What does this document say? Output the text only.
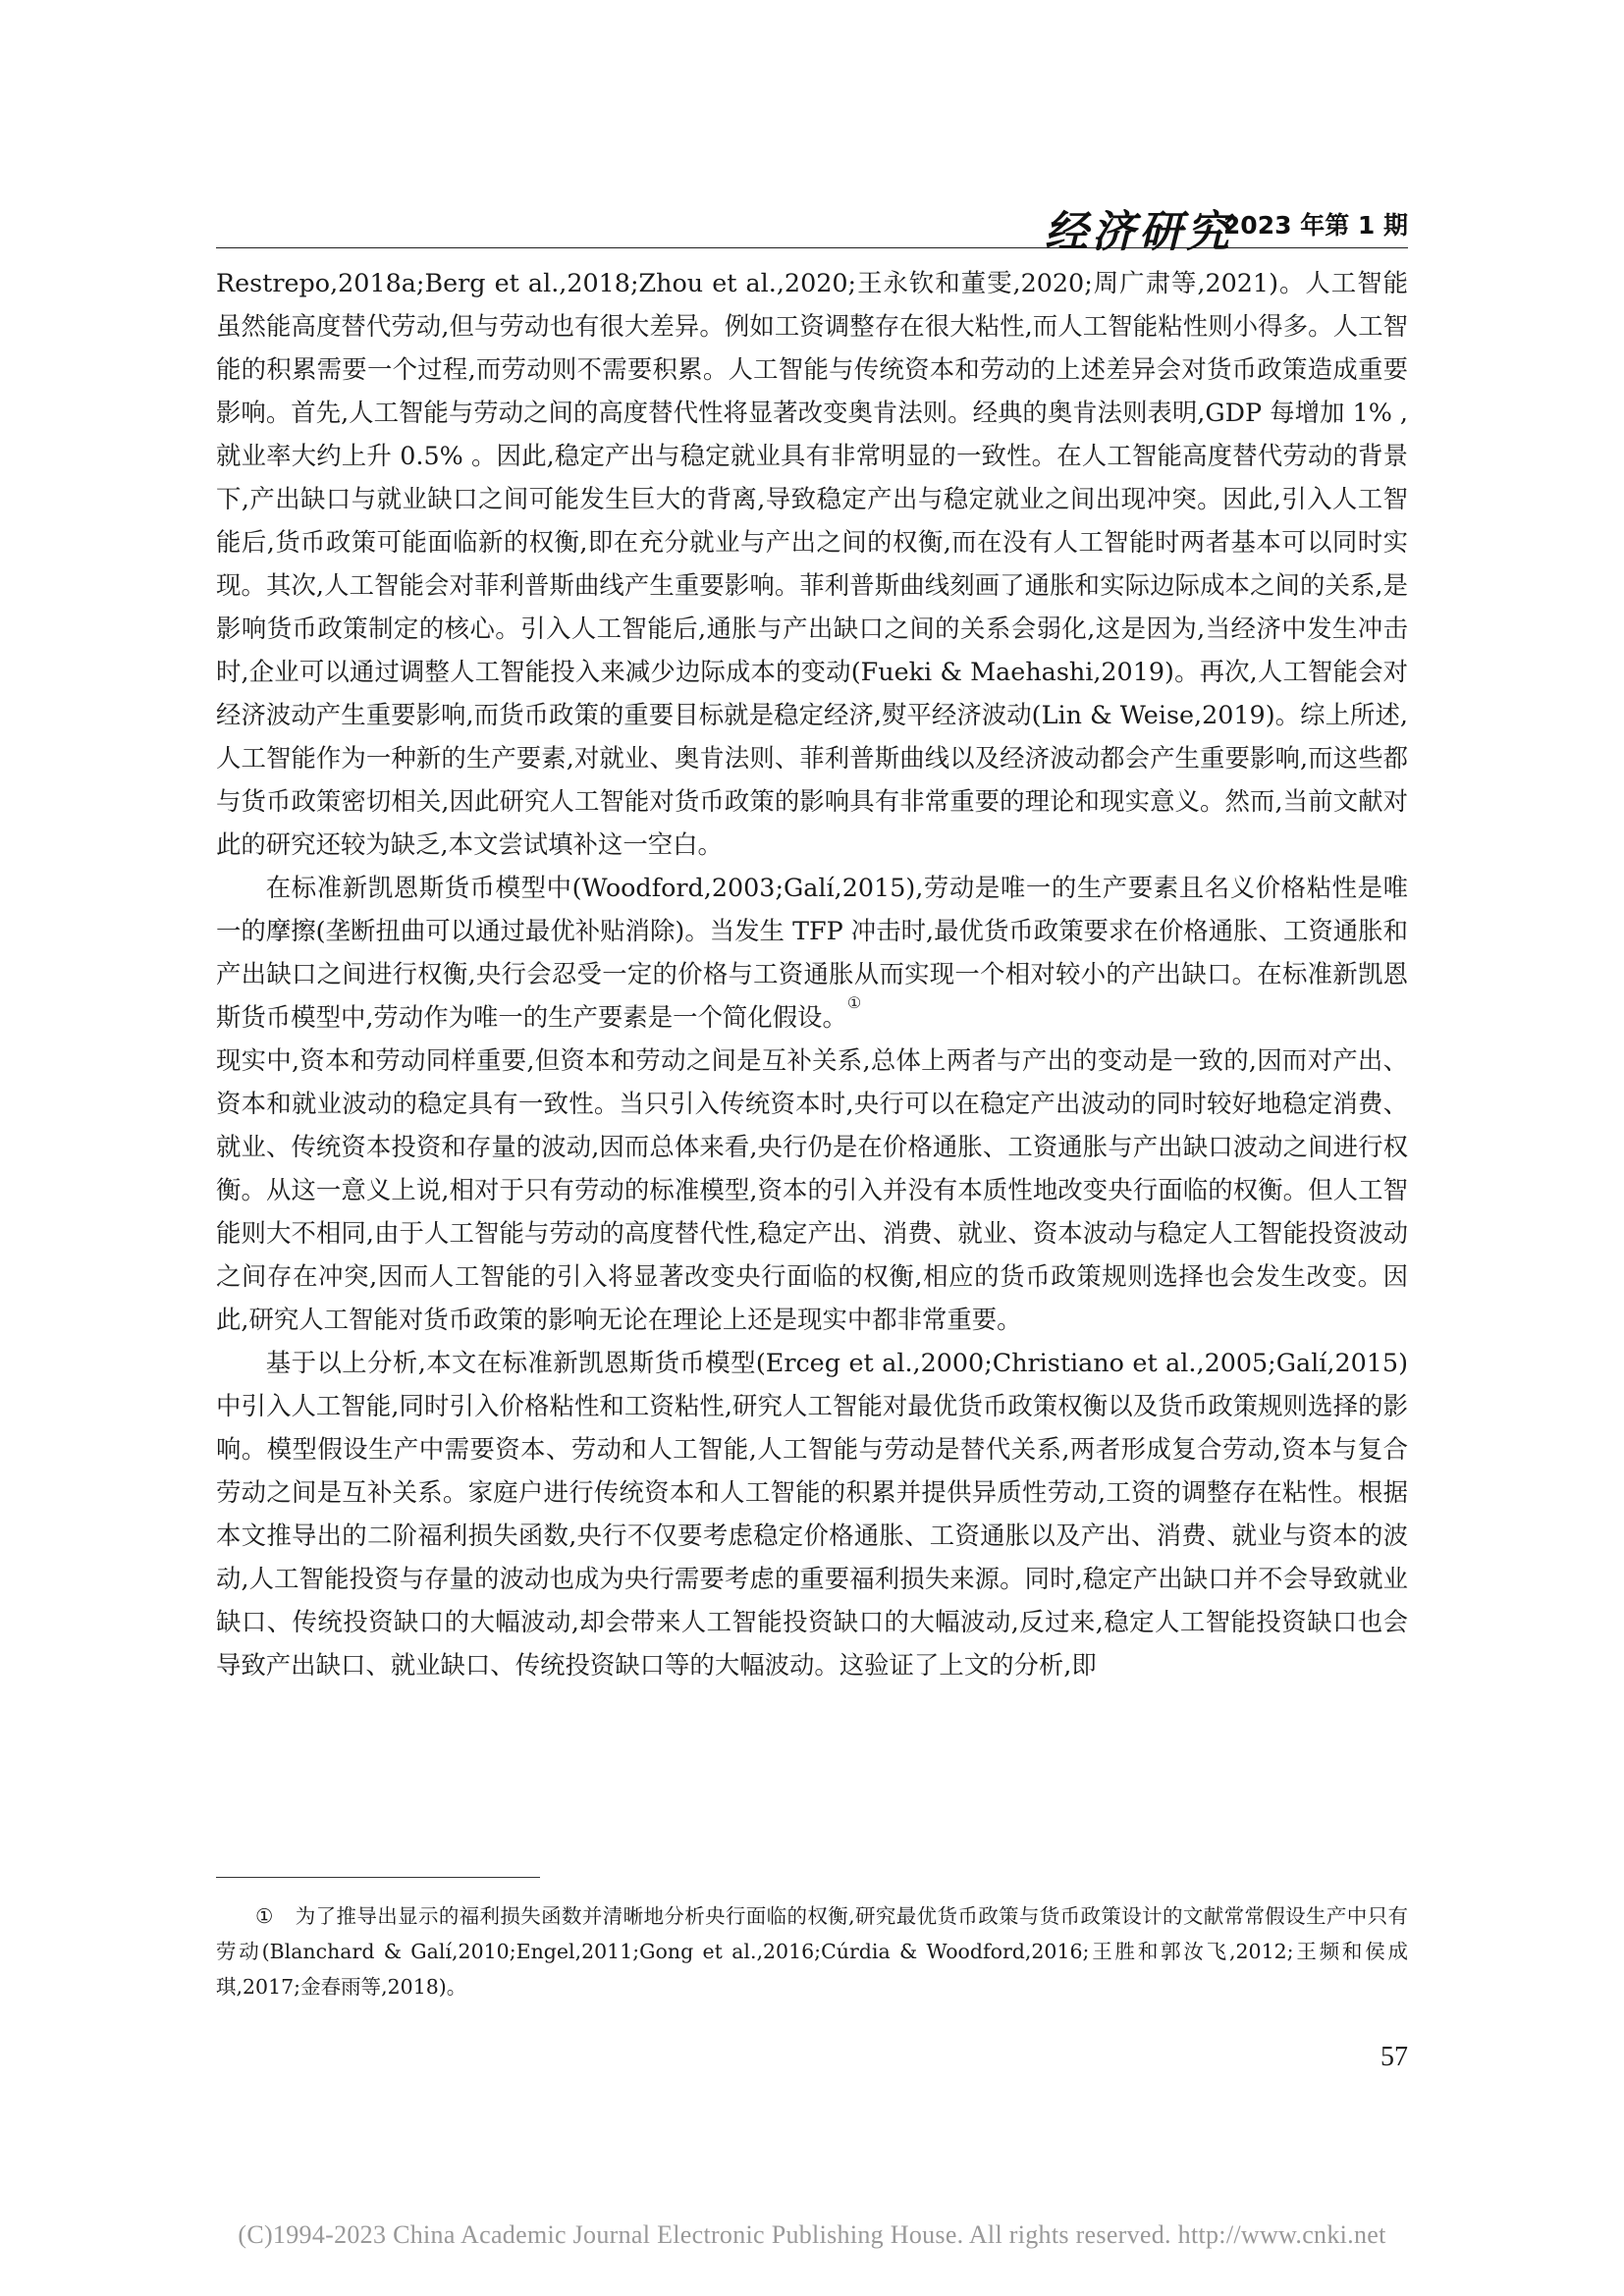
经济研究
2023 年第 1 期

Restrepo,2018a;Berg et al.,2018;Zhou et al.,2020;王永钦和董雯,2020;周广肃等,2021)。人工智能虽然能高度替代劳动,但与劳动也有很大差异。例如工资调整存在很大粘性,而人工智能粘性则小得多。人工智能的积累需要一个过程,而劳动则不需要积累。人工智能与传统资本和劳动的上述差异会对货币政策造成重要影响。首先,人工智能与劳动之间的高度替代性将显著改变奥肯法则。经典的奥肯法则表明,GDP 每增加 1% ,就业率大约上升 0.5% 。因此,稳定产出与稳定就业具有非常明显的一致性。在人工智能高度替代劳动的背景下,产出缺口与就业缺口之间可能发生巨大的背离,导致稳定产出与稳定就业之间出现冲突。因此,引入人工智能后,货币政策可能面临新的权衡,即在充分就业与产出之间的权衡,而在没有人工智能时两者基本可以同时实现。其次,人工智能会对菲利普斯曲线产生重要影响。菲利普斯曲线刻画了通胀和实际边际成本之间的关系,是影响货币政策制定的核心。引入人工智能后,通胀与产出缺口之间的关系会弱化,这是因为,当经济中发生冲击时,企业可以通过调整人工智能投入来减少边际成本的变动(Fueki & Maehashi,2019)。再次,人工智能会对经济波动产生重要影响,而货币政策的重要目标就是稳定经济,熨平经济波动(Lin & Weise,2019)。综上所述,人工智能作为一种新的生产要素,对就业、奥肯法则、菲利普斯曲线以及经济波动都会产生重要影响,而这些都与货币政策密切相关,因此研究人工智能对货币政策的影响具有非常重要的理论和现实意义。然而,当前文献对此的研究还较为缺乏,本文尝试填补这一空白。

在标准新凯恩斯货币模型中(Woodford,2003;Galí,2015),劳动是唯一的生产要素且名义价格粘性是唯一的摩擦(垄断扭曲可以通过最优补贴消除)。当发生 TFP 冲击时,最优货币政策要求在价格通胀、工资通胀和产出缺口之间进行权衡,央行会忍受一定的价格与工资通胀从而实现一个相对较小的产出缺口。在标准新凯恩斯货币模型中,劳动作为唯一的生产要素是一个简化假设。①

现实中,资本和劳动同样重要,但资本和劳动之间是互补关系,总体上两者与产出的变动是一致的,因而对产出、资本和就业波动的稳定具有一致性。当只引入传统资本时,央行可以在稳定产出波动的同时较好地稳定消费、就业、传统资本投资和存量的波动,因而总体来看,央行仍是在价格通胀、工资通胀与产出缺口波动之间进行权衡。从这一意义上说,相对于只有劳动的标准模型,资本的引入并没有本质性地改变央行面临的权衡。但人工智能则大不相同,由于人工智能与劳动的高度替代性,稳定产出、消费、就业、资本波动与稳定人工智能投资波动之间存在冲突,因而人工智能的引入将显著改变央行面临的权衡,相应的货币政策规则选择也会发生改变。因此,研究人工智能对货币政策的影响无论在理论上还是现实中都非常重要。

基于以上分析,本文在标准新凯恩斯货币模型(Erceg et al.,2000;Christiano et al.,2005;Galí,2015)中引入人工智能,同时引入价格粘性和工资粘性,研究人工智能对最优货币政策权衡以及货币政策规则选择的影响。模型假设生产中需要资本、劳动和人工智能,人工智能与劳动是替代关系,两者形成复合劳动,资本与复合劳动之间是互补关系。家庭户进行传统资本和人工智能的积累并提供异质性劳动,工资的调整存在粘性。根据本文推导出的二阶福利损失函数,央行不仅要考虑稳定价格通胀、工资通胀以及产出、消费、就业与资本的波动,人工智能投资与存量的波动也成为央行需要考虑的重要福利损失来源。同时,稳定产出缺口并不会导致就业缺口、传统投资缺口的大幅波动,却会带来人工智能投资缺口的大幅波动,反过来,稳定人工智能投资缺口也会导致产出缺口、就业缺口、传统投资缺口等的大幅波动。这验证了上文的分析,即

① 为了推导出显示的福利损失函数并清晰地分析央行面临的权衡,研究最优货币政策与货币政策设计的文献常常假设生产中只有劳动(Blanchard & Galí,2010;Engel,2011;Gong et al.,2016;Cúrdia & Woodford,2016;王胜和郭汝飞,2012;王频和侯成琪,2017;金春雨等,2018)。
57
(C)1994-2023 China Academic Journal Electronic Publishing House. All rights reserved. http://www.cnki.net
